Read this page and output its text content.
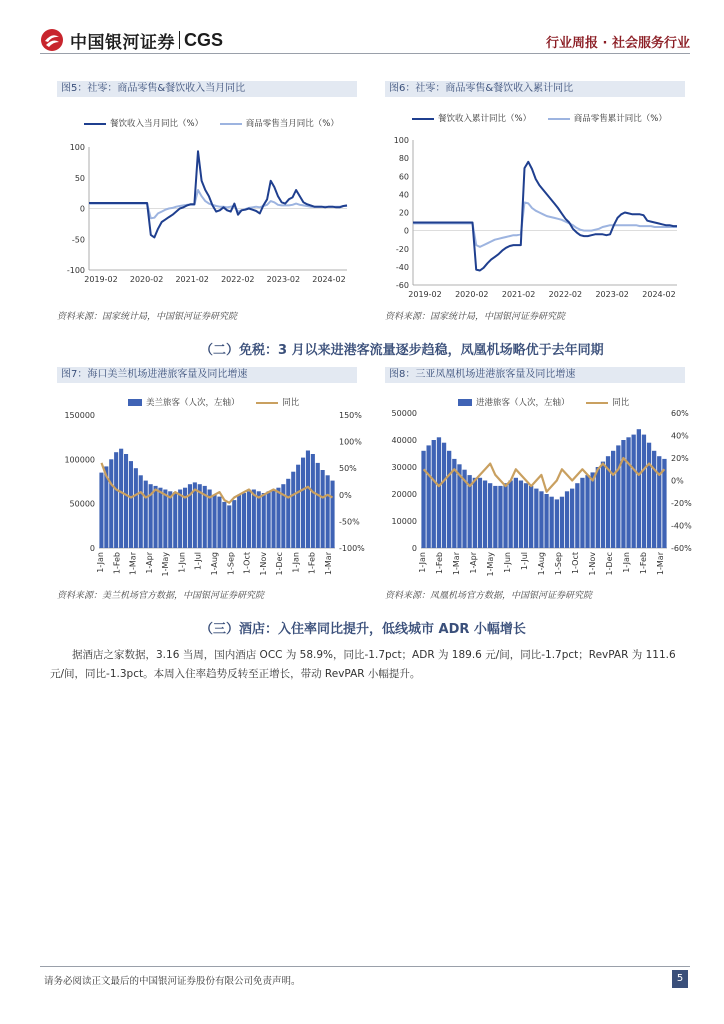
中国银河证券 CGS	行业周报 · 社会服务行业
图5：社零：商品零售&餐饮收入当月同比
餐饮收入当月同比（%）	商品零售当月同比（%）
100
50
0
-50
-100
2019-02 2020-02 2021-02 2022-02 2023-02 2024-02
资料来源：国家统计局，中国银河证券研究院
图6：社零：商品零售&餐饮收入累计同比
餐饮收入累计同比（%）	商品零售累计同比（%）
100
80
60
40
20
0
-20
-40
-60
2019-02 2020-02 2021-02 2022-02 2023-02 2024-02
资料来源：国家统计局，中国银河证券研究院
（二）免税：3 月以来进港客流量逐步趋稳，凤凰机场略优于去年同期
图7：海口美兰机场进港旅客量及同比增速
美兰旅客（人次，左轴）	同比
150000
100000
50000
0
150%
100%
50%
0%
-50%
-100%
1-Jan 1-Feb 1-Mar 1-Apr 1-May 1-Jun 1-Jul 1-Aug 1-Sep 1-Oct 1-Nov 1-Dec 1-Jan 1-Feb 1-Mar
资料来源：美兰机场官方数据，中国银河证券研究院
图8：三亚凤凰机场进港旅客量及同比增速
进港旅客（人次，左轴）	同比
50000
40000
30000
20000
10000
0
60%
40%
20%
0%
-20%
-40%
-60%
1-Jan 1-Feb 1-Mar 1-Apr 1-May 1-Jun 1-Jul 1-Aug 1-Sep 1-Oct 1-Nov 1-Dec 1-Jan 1-Feb 1-Mar
资料来源：凤凰机场官方数据，中国银河证券研究院
（三）酒店：入住率同比提升，低线城市 ADR 小幅增长
据酒店之家数据，3.16 当周，国内酒店 OCC 为 58.9%，同比-1.7pct；ADR 为 189.6 元/间，同比-1.7pct；RevPAR 为 111.6 元/间，同比-1.3pct。本周入住率趋势反转至正增长，带动 RevPAR 小幅提升。
请务必阅读正文最后的中国银河证券股份有限公司免责声明。	5
